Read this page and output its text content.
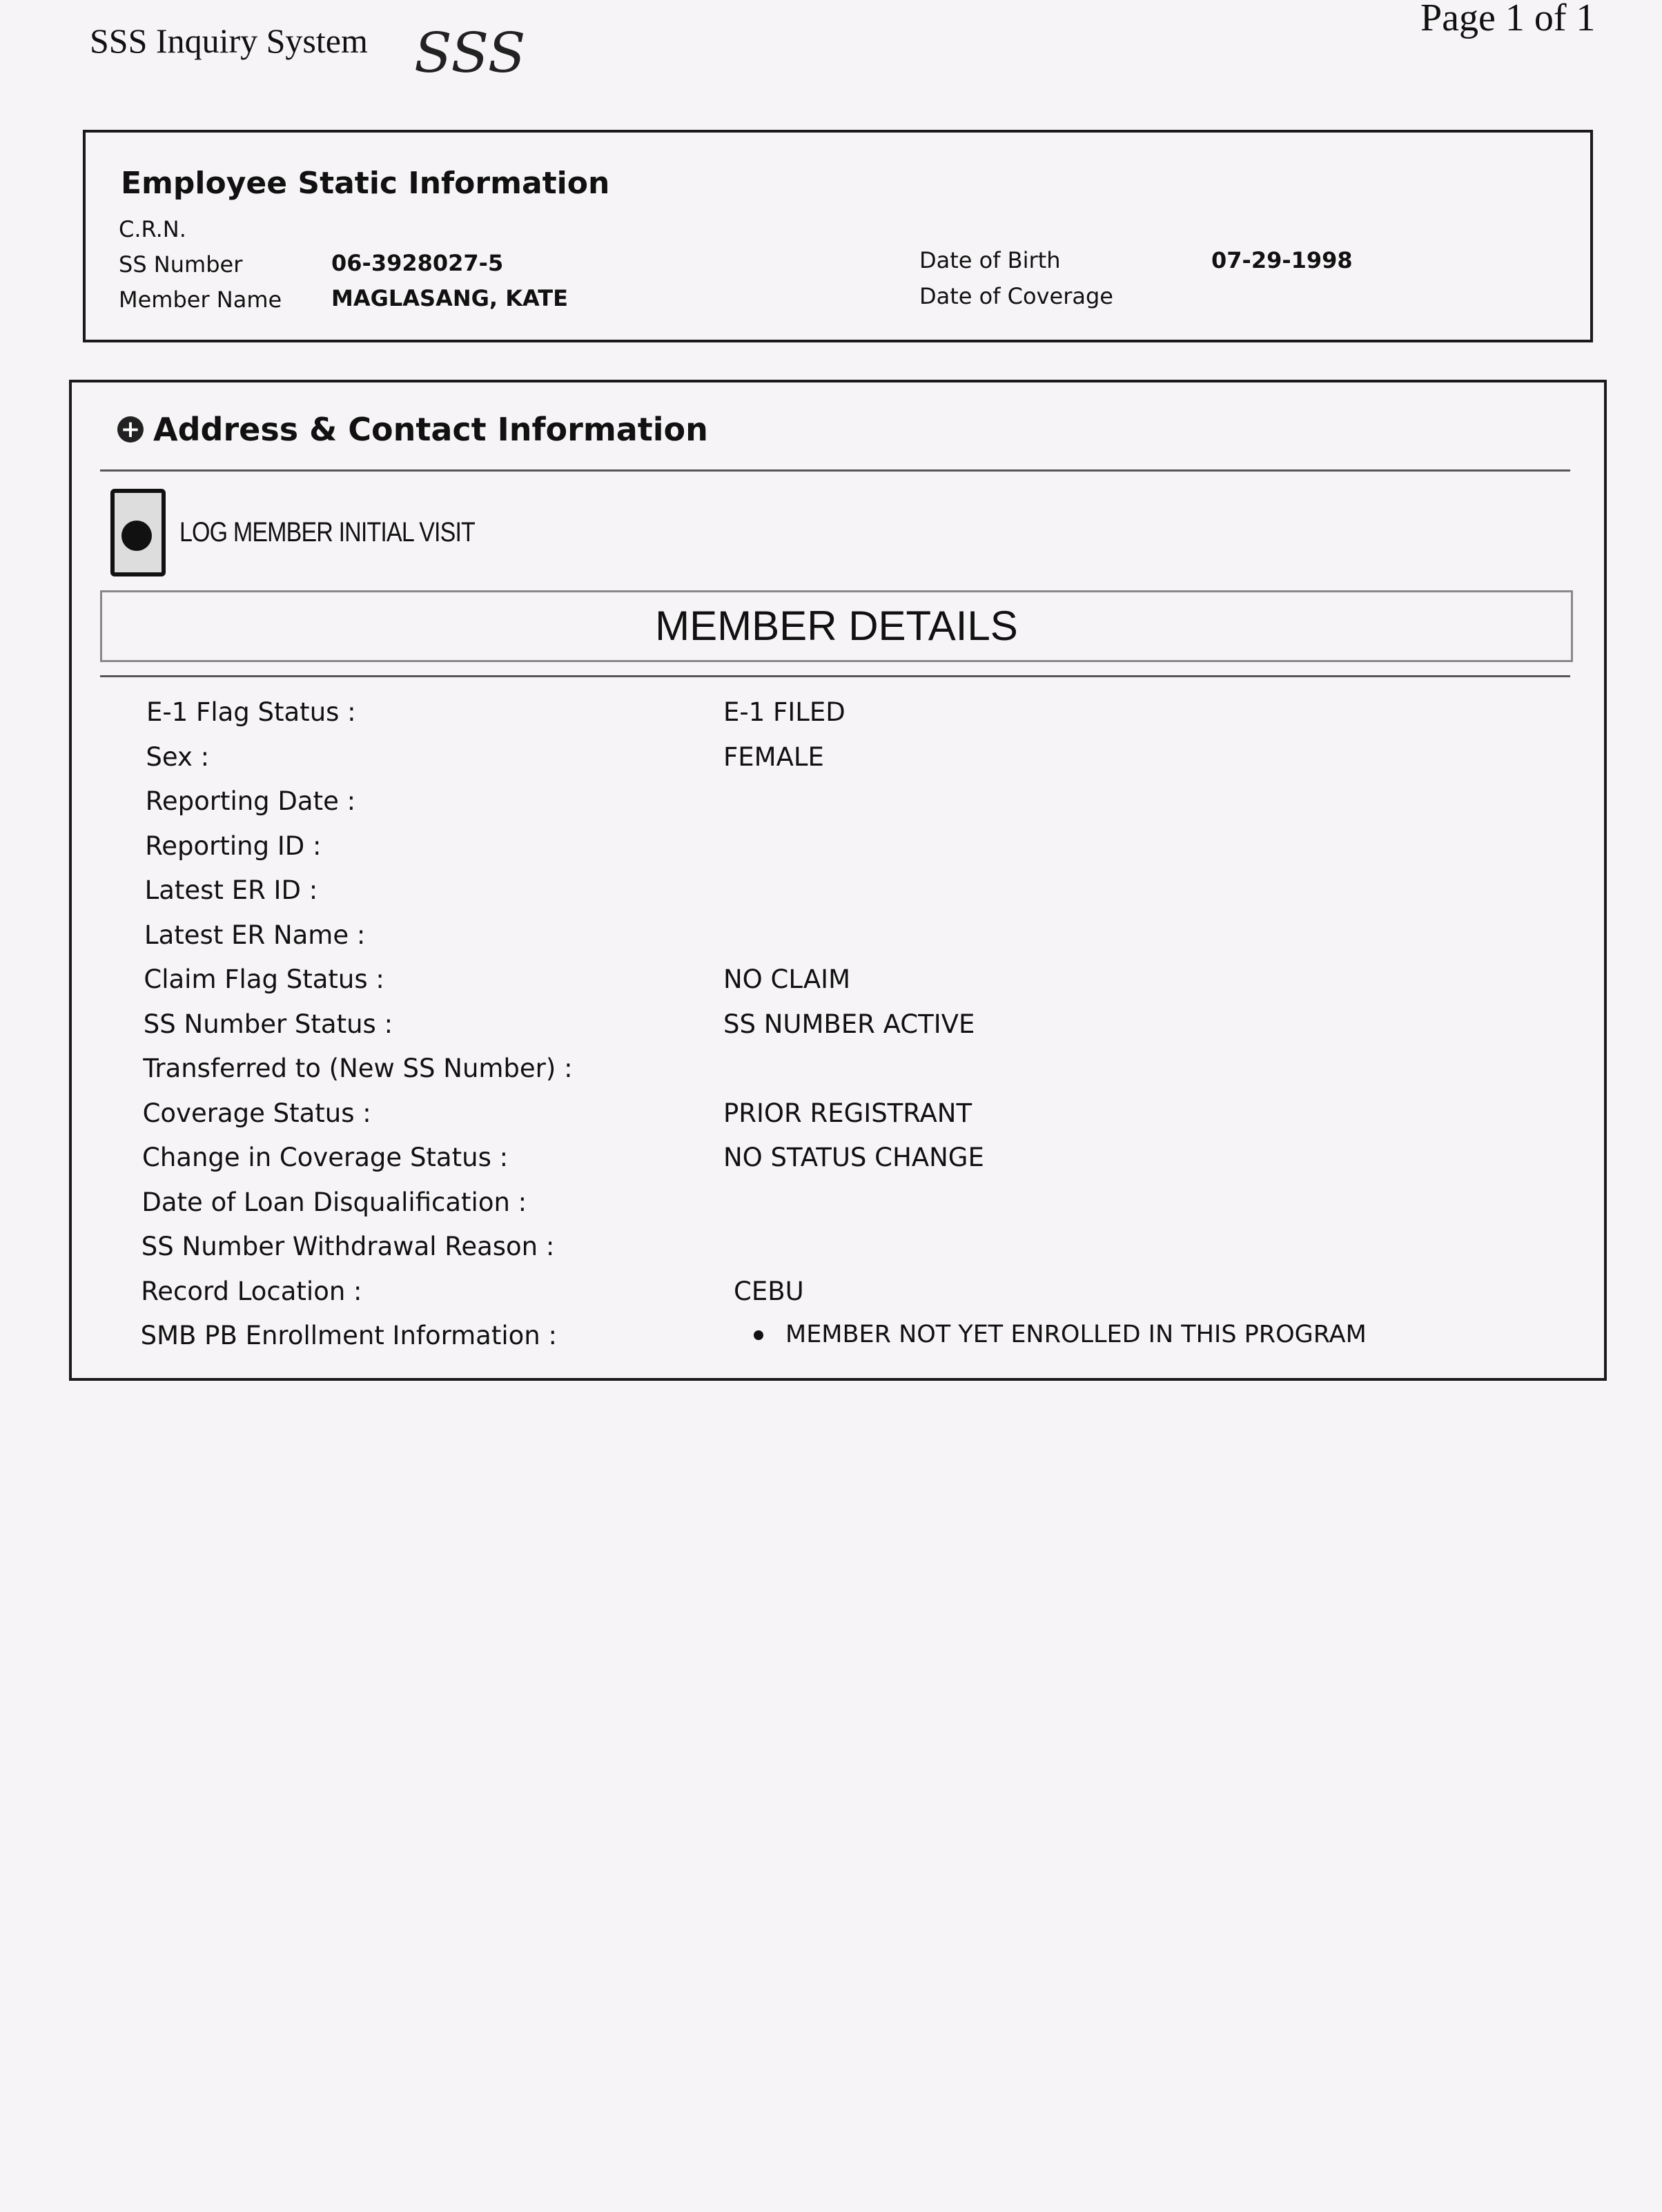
SSS Inquiry System SSS
Page 1 of 1
Employee Static Information
C.R.N.
SS Number	06-3928027-5
Member Name MAGLASANG, KATE
Date of Birth	07-29-1998
Date of Coverage
+ Address & Contact Information
LOG MEMBER INITIAL VISIT
MEMBER DETAILS
E-1 Flag Status :	E-1 FILED
Sex :	FEMALE
Reporting Date :
Reporting ID :
Latest ER ID :
Latest ER Name :
Claim Flag Status :	NO CLAIM
SS Number Status :	SS NUMBER ACTIVE
Transferred to (New SS Number) :
Coverage Status :	PRIOR REGISTRANT
Change in Coverage Status :	NO STATUS CHANGE
Date of Loan Disqualification :
SS Number Withdrawal Reason :
Record Location :	CEBU
SMB PB Enrollment Information :	MEMBER NOT YET ENROLLED IN THIS PROGRAM
